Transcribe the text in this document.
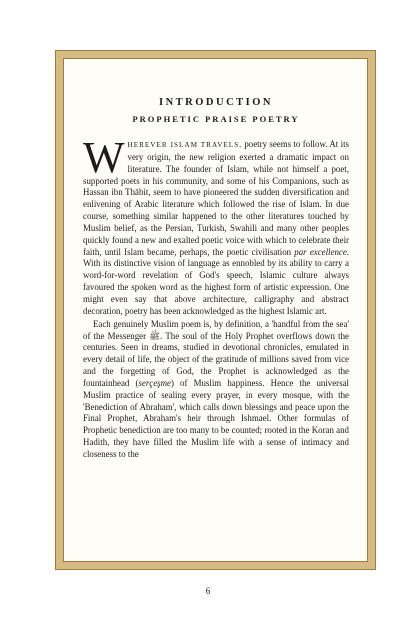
INTRODUCTION
PROPHETIC PRAISE POETRY

WHEREVER ISLAM TRAVELS, poetry seems to follow. At its very origin, the new religion exerted a dramatic impact on literature. The founder of Islam, while not himself a poet, supported poets in his community, and some of his Companions, such as Hassan ibn Thābit, seem to have pioneered the sudden diversification and enlivening of Arabic literature which followed the rise of Islam. In due course, something similar happened to the other literatures touched by Muslim belief, as the Persian, Turkish, Swahili and many other peoples quickly found a new and exalted poetic voice with which to celebrate their faith, until Islam became, perhaps, the poetic civilisation par excellence. With its distinctive vision of language as ennobled by its ability to carry a word-for-word revelation of God's speech, Islamic culture always favoured the spoken word as the highest form of artistic expression. One might even say that above architecture, calligraphy and abstract decoration, poetry has been acknowledged as the highest Islamic art.

Each genuinely Muslim poem is, by definition, a 'handful from the sea' of the Messenger ﷺ. The soul of the Holy Prophet overflows down the centuries. Seen in dreams, studied in devotional chronicles, emulated in every detail of life, the object of the gratitude of millions saved from vice and the forgetting of God, the Prophet is acknowledged as the fountainhead (serçeşme) of Muslim happiness. Hence the universal Muslim practice of sealing every prayer, in every mosque, with the 'Benediction of Abraham', which calls down blessings and peace upon the Final Prophet, Abraham's heir through Ishmael. Other formulas of Prophetic benediction are too many to be counted; rooted in the Koran and Hadith, they have filled the Muslim life with a sense of intimacy and closeness to the

6
